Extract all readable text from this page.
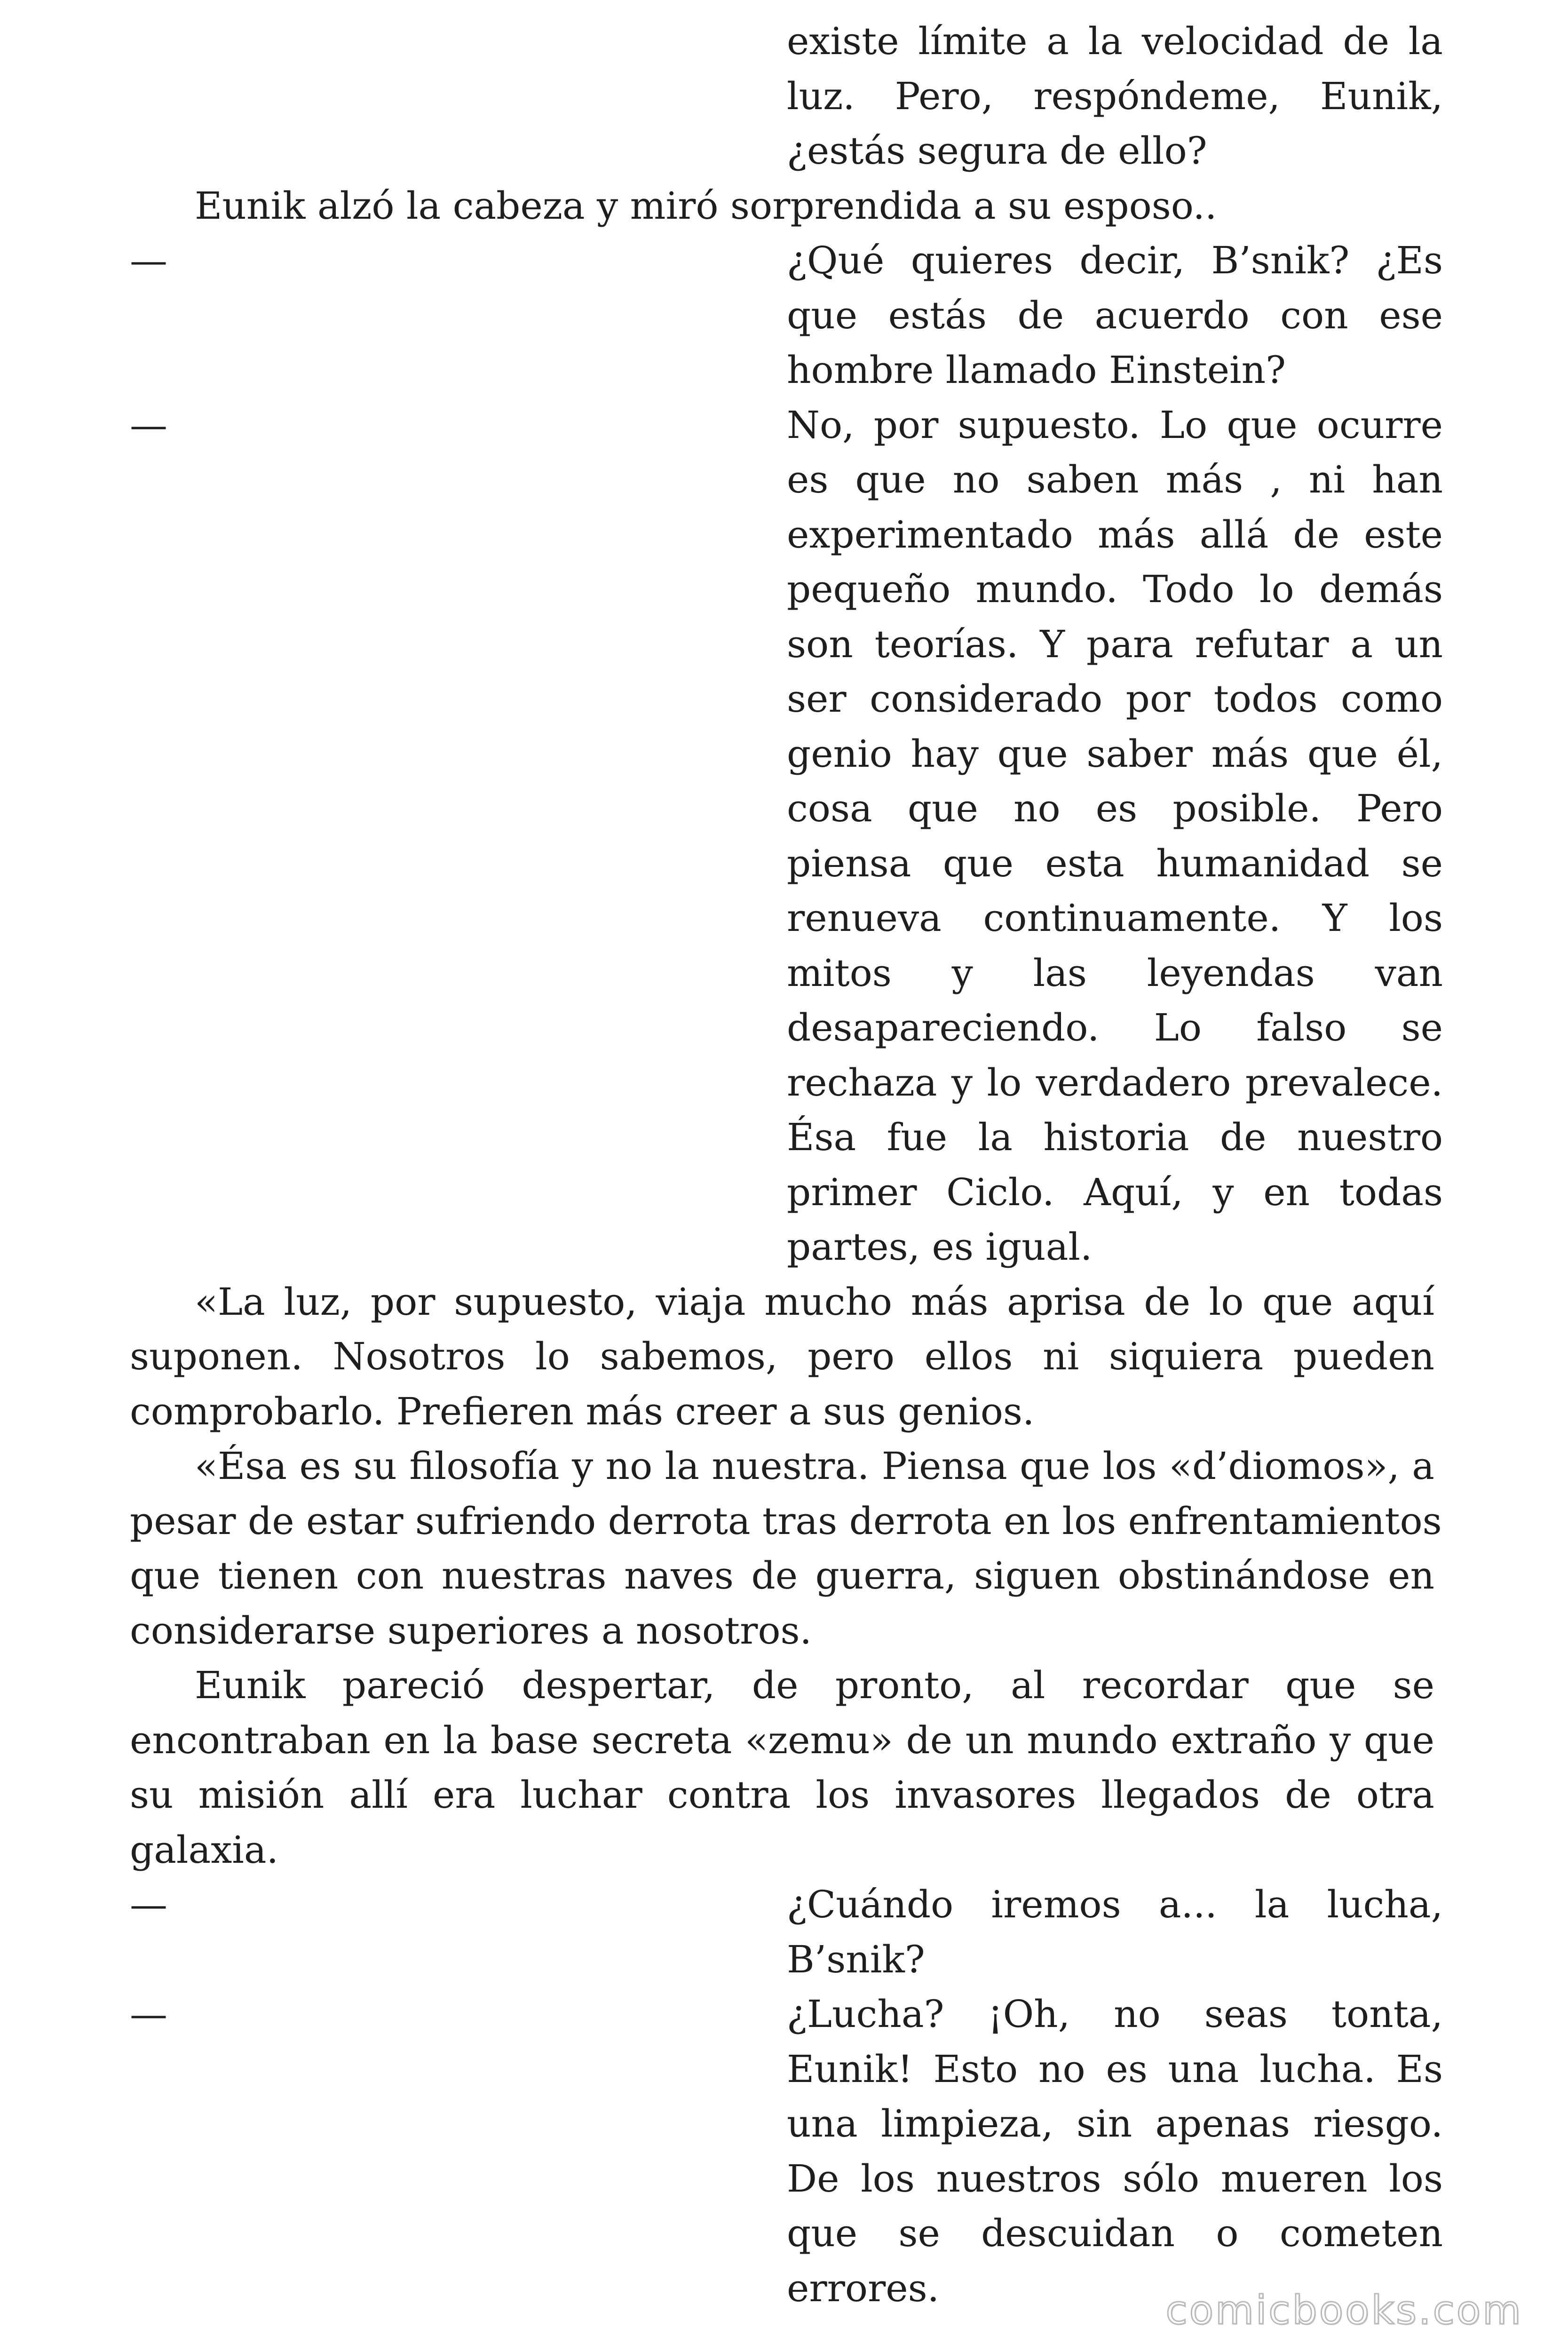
existe límite a la velocidad de la
luz. Pero, respóndeme, Eunik,
¿estás segura de ello?
Eunik alzó la cabeza y miró sorprendida a su esposo..
—	¿Qué quieres decir, B’snik? ¿Es
que estás de acuerdo con ese
hombre llamado Einstein?
—	No, por supuesto. Lo que ocurre
es que no saben más , ni han
experimentado más allá de este
pequeño mundo. Todo lo demás
son teorías. Y para refutar a un
ser considerado por todos como
genio hay que saber más que él,
cosa que no es posible. Pero
piensa que esta humanidad se
renueva continuamente. Y los
mitos y las leyendas van
desapareciendo. Lo falso se
rechaza y lo verdadero prevalece.
Ésa fue la historia de nuestro
primer Ciclo. Aquí, y en todas
partes, es igual.
«La luz, por supuesto, viaja mucho más aprisa de lo que aquí
suponen. Nosotros lo sabemos, pero ellos ni siquiera pueden
comprobarlo. Prefieren más creer a sus genios.
«Ésa es su filosofía y no la nuestra. Piensa que los «d’diomos», a
pesar de estar sufriendo derrota tras derrota en los enfrentamientos
que tienen con nuestras naves de guerra, siguen obstinándose en
considerarse superiores a nosotros.
Eunik pareció despertar, de pronto, al recordar que se
encontraban en la base secreta «zemu» de un mundo extraño y que
su misión allí era luchar contra los invasores llegados de otra
galaxia.
—	¿Cuándo iremos a... la lucha,
B’snik?
—	¿Lucha? ¡Oh, no seas tonta,
Eunik! Esto no es una lucha. Es
una limpieza, sin apenas riesgo.
De los nuestros sólo mueren los
que se descuidan o cometen
errores.	comicbooks.com
